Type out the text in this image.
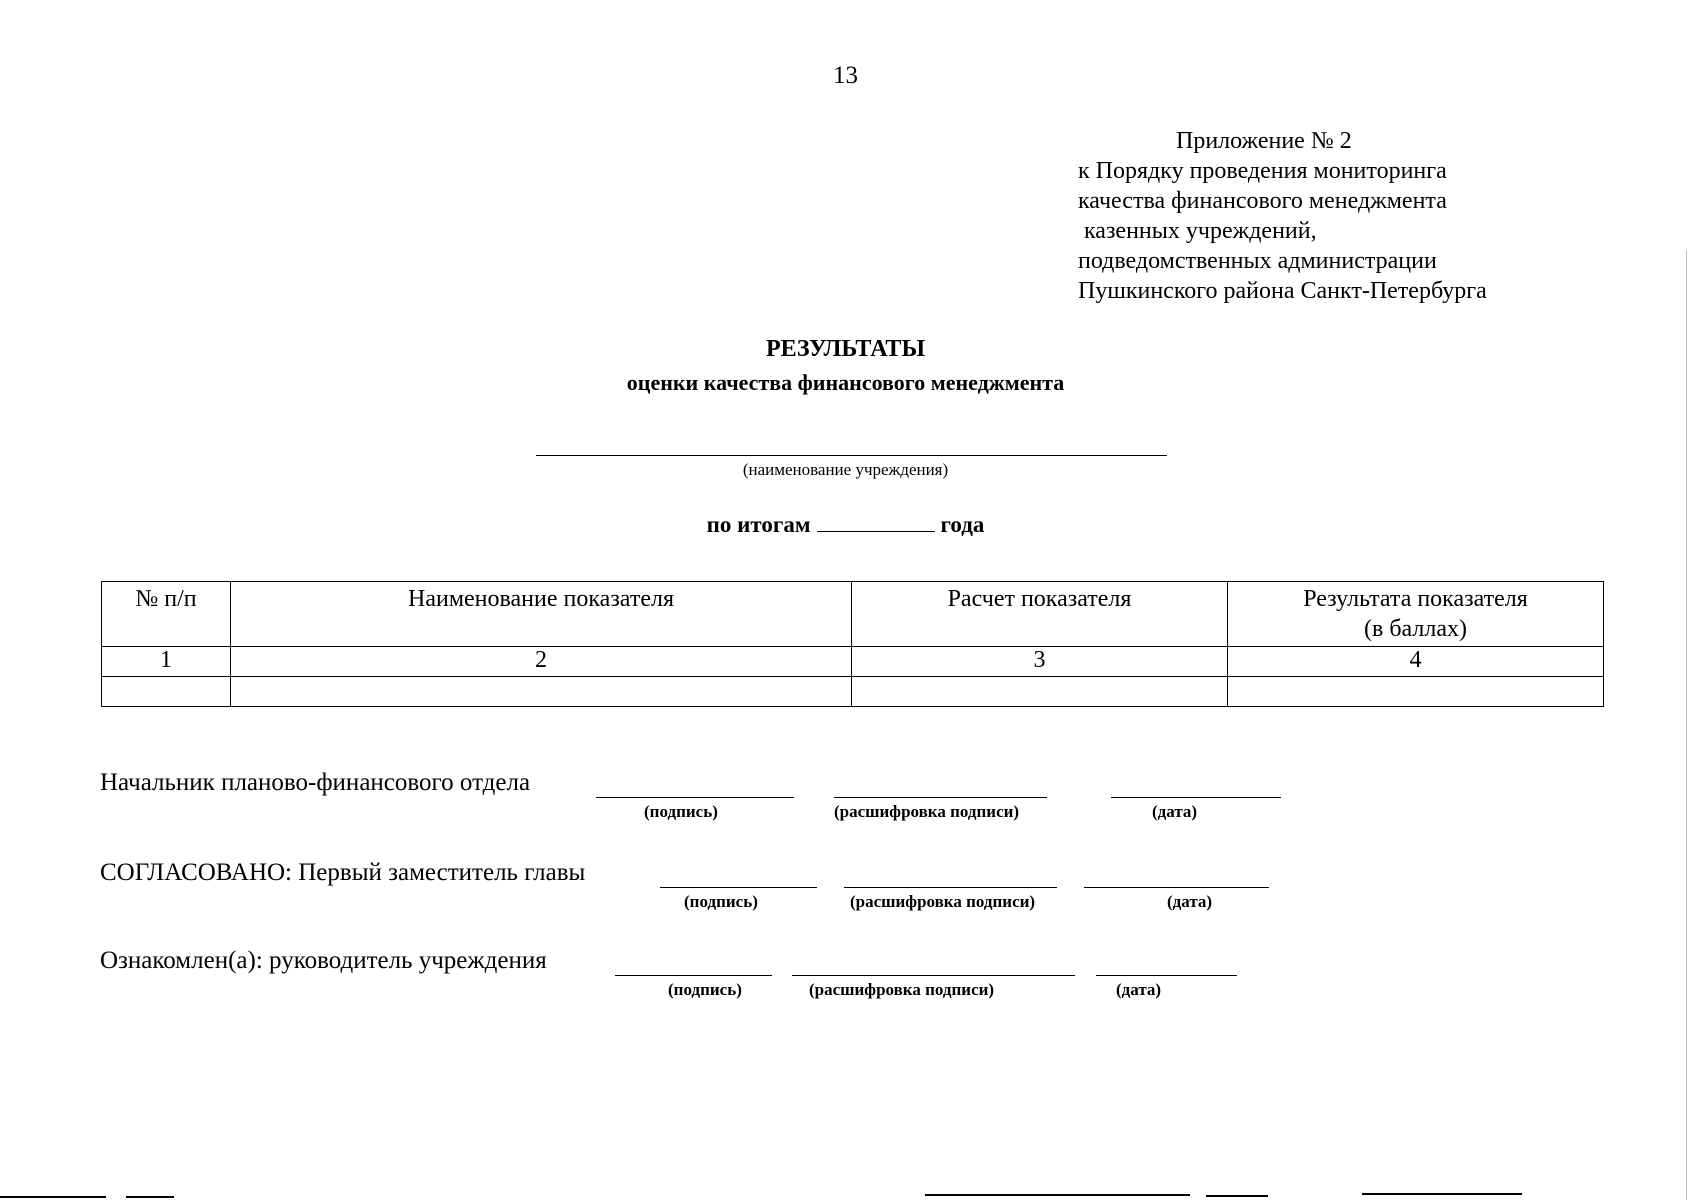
13
Приложение № 2
к Порядку проведения мониторинга
качества финансового менеджмента
казенных учреждений,
подведомственных администрации
Пушкинского района Санкт-Петербурга
РЕЗУЛЬТАТЫ
оценки качества финансового менеджмента
(наименование учреждения)
по итогам	года
№ п/п	Наименование показателя	Расчет показателя	Результата показателя
(в баллах)

1	2	3	4

Начальник планово-финансового отдела
(подпись)	(расшифровка подписи)	(дата)
СОГЛАСОВАНО: Первый заместитель главы
(подпись)	(расшифровка подписи)	(дата)
Ознакомлен(а): руководитель учреждения
(подпись)	(расшифровка подписи)	(дата)
